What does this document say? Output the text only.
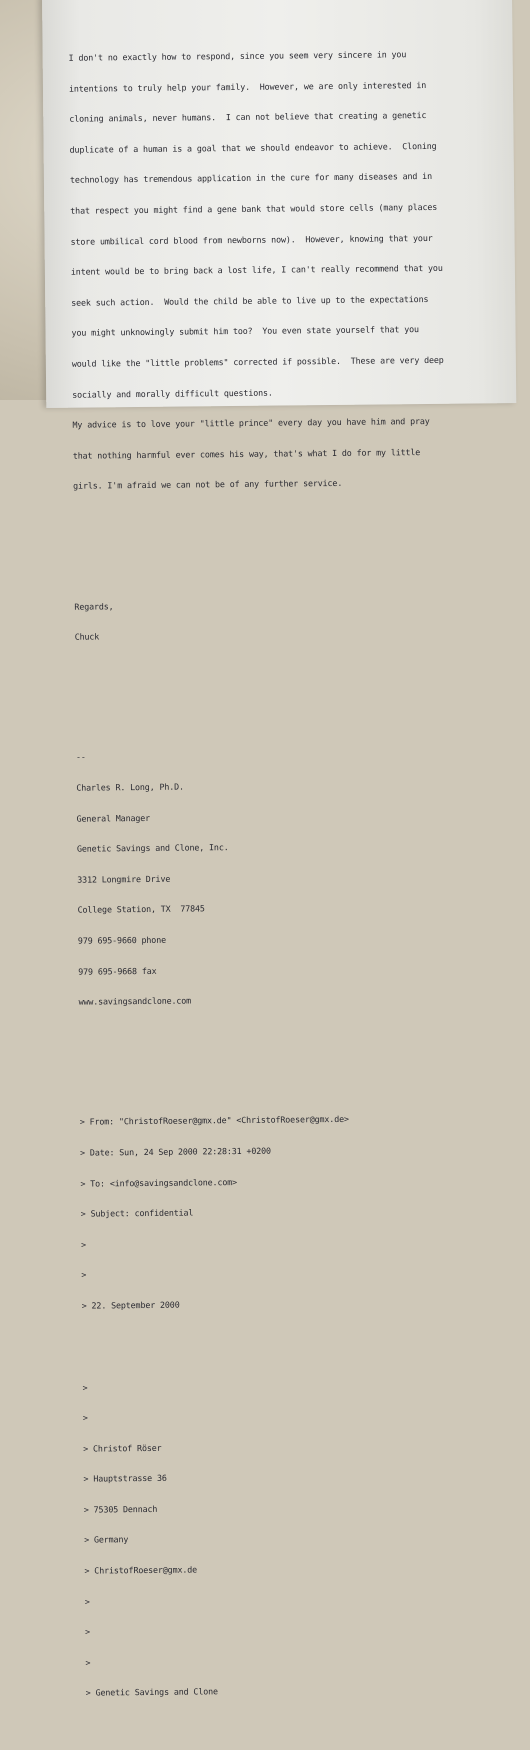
I don't no exactly how to respond, since you seem very sincere in you

intentions to truly help your family.  However, we are only interested in

cloning animals, never humans.  I can not believe that creating a genetic

duplicate of a human is a goal that we should endeavor to achieve.  Cloning

technology has tremendous application in the cure for many diseases and in

that respect you might find a gene bank that would store cells (many places

store umbilical cord blood from newborns now).  However, knowing that your

intent would be to bring back a lost life, I can't really recommend that you

seek such action.  Would the child be able to live up to the expectations

you might unknowingly submit him too?  You even state yourself that you

would like the "little problems" corrected if possible.  These are very deep

socially and morally difficult questions.

My advice is to love your "little prince" every day you have him and pray

that nothing harmful ever comes his way, that's what I do for my little

girls. I'm afraid we can not be of any further service.

Regards,

Chuck

--

Charles R. Long, Ph.D.

General Manager

Genetic Savings and Clone, Inc.

3312 Longmire Drive

College Station, TX  77845

979 695-9660 phone

979 695-9668 fax

www.savingsandclone.com

> From: "ChristofRoeser@gmx.de" <ChristofRoeser@gmx.de>

> Date: Sun, 24 Sep 2000 22:28:31 +0200

> To: <info@savingsandclone.com>

> Subject: confidential

>

>

> 22. September 2000

>

>

> Christof Röser

> Hauptstrasse 36

> 75305 Dennach

> Germany

> ChristofRoeser@gmx.de

>

>

>

> Genetic Savings and Clone
